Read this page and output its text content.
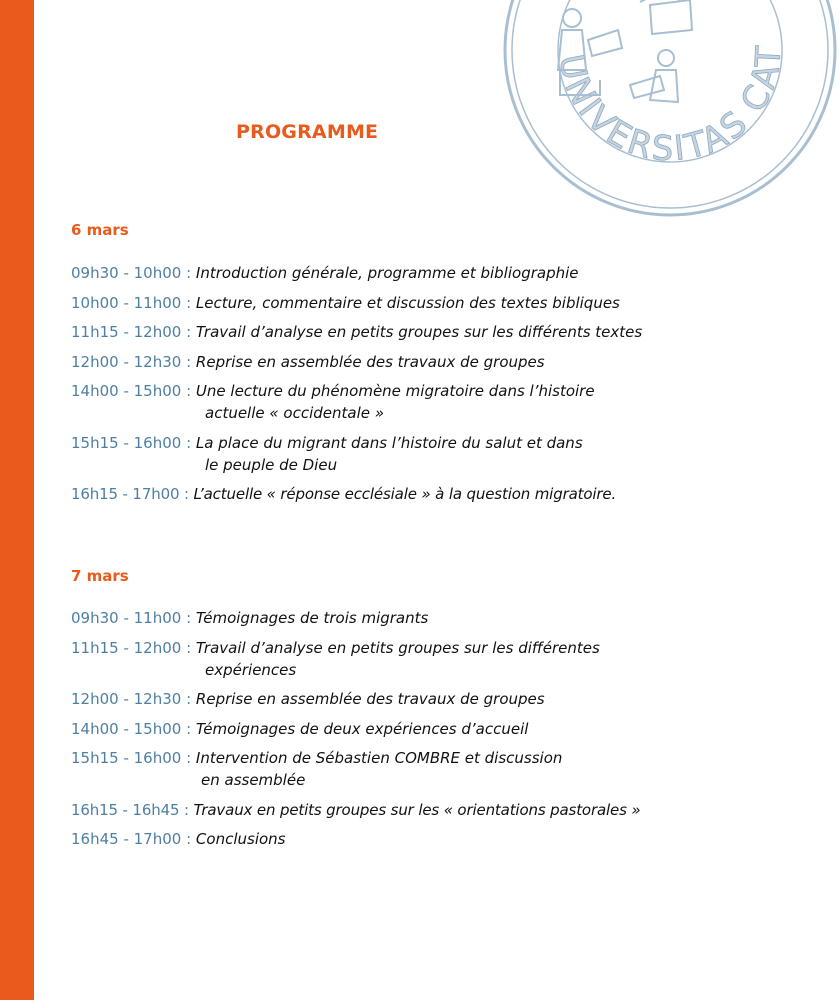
UNIVERSITAS CAT
PROGRAMME
6 mars
09h30 - 10h00 : Introduction générale, programme et bibliographie
10h00 - 11h00 : Lecture, commentaire et discussion des textes bibliques
11h15 - 12h00 : Travail d’analyse en petits groupes sur les différents textes
12h00 - 12h30 : Reprise en assemblée des travaux de groupes
14h00 - 15h00 : Une lecture du phénomène migratoire dans l’histoire
actuelle « occidentale »
15h15 - 16h00 : La place du migrant dans l’histoire du salut et dans
le peuple de Dieu
16h15 - 17h00 : L’actuelle « réponse ecclésiale » à la question migratoire.
7 mars
09h30 - 11h00 : Témoignages de trois migrants
11h15 - 12h00 : Travail d’analyse en petits groupes sur les différentes
expériences
12h00 - 12h30 : Reprise en assemblée des travaux de groupes
14h00 - 15h00 : Témoignages de deux expériences d’accueil
15h15 - 16h00 : Intervention de Sébastien COMBRE et discussion
en assemblée
16h15 - 16h45 : Travaux en petits groupes sur les « orientations pastorales »
16h45 - 17h00 : Conclusions
